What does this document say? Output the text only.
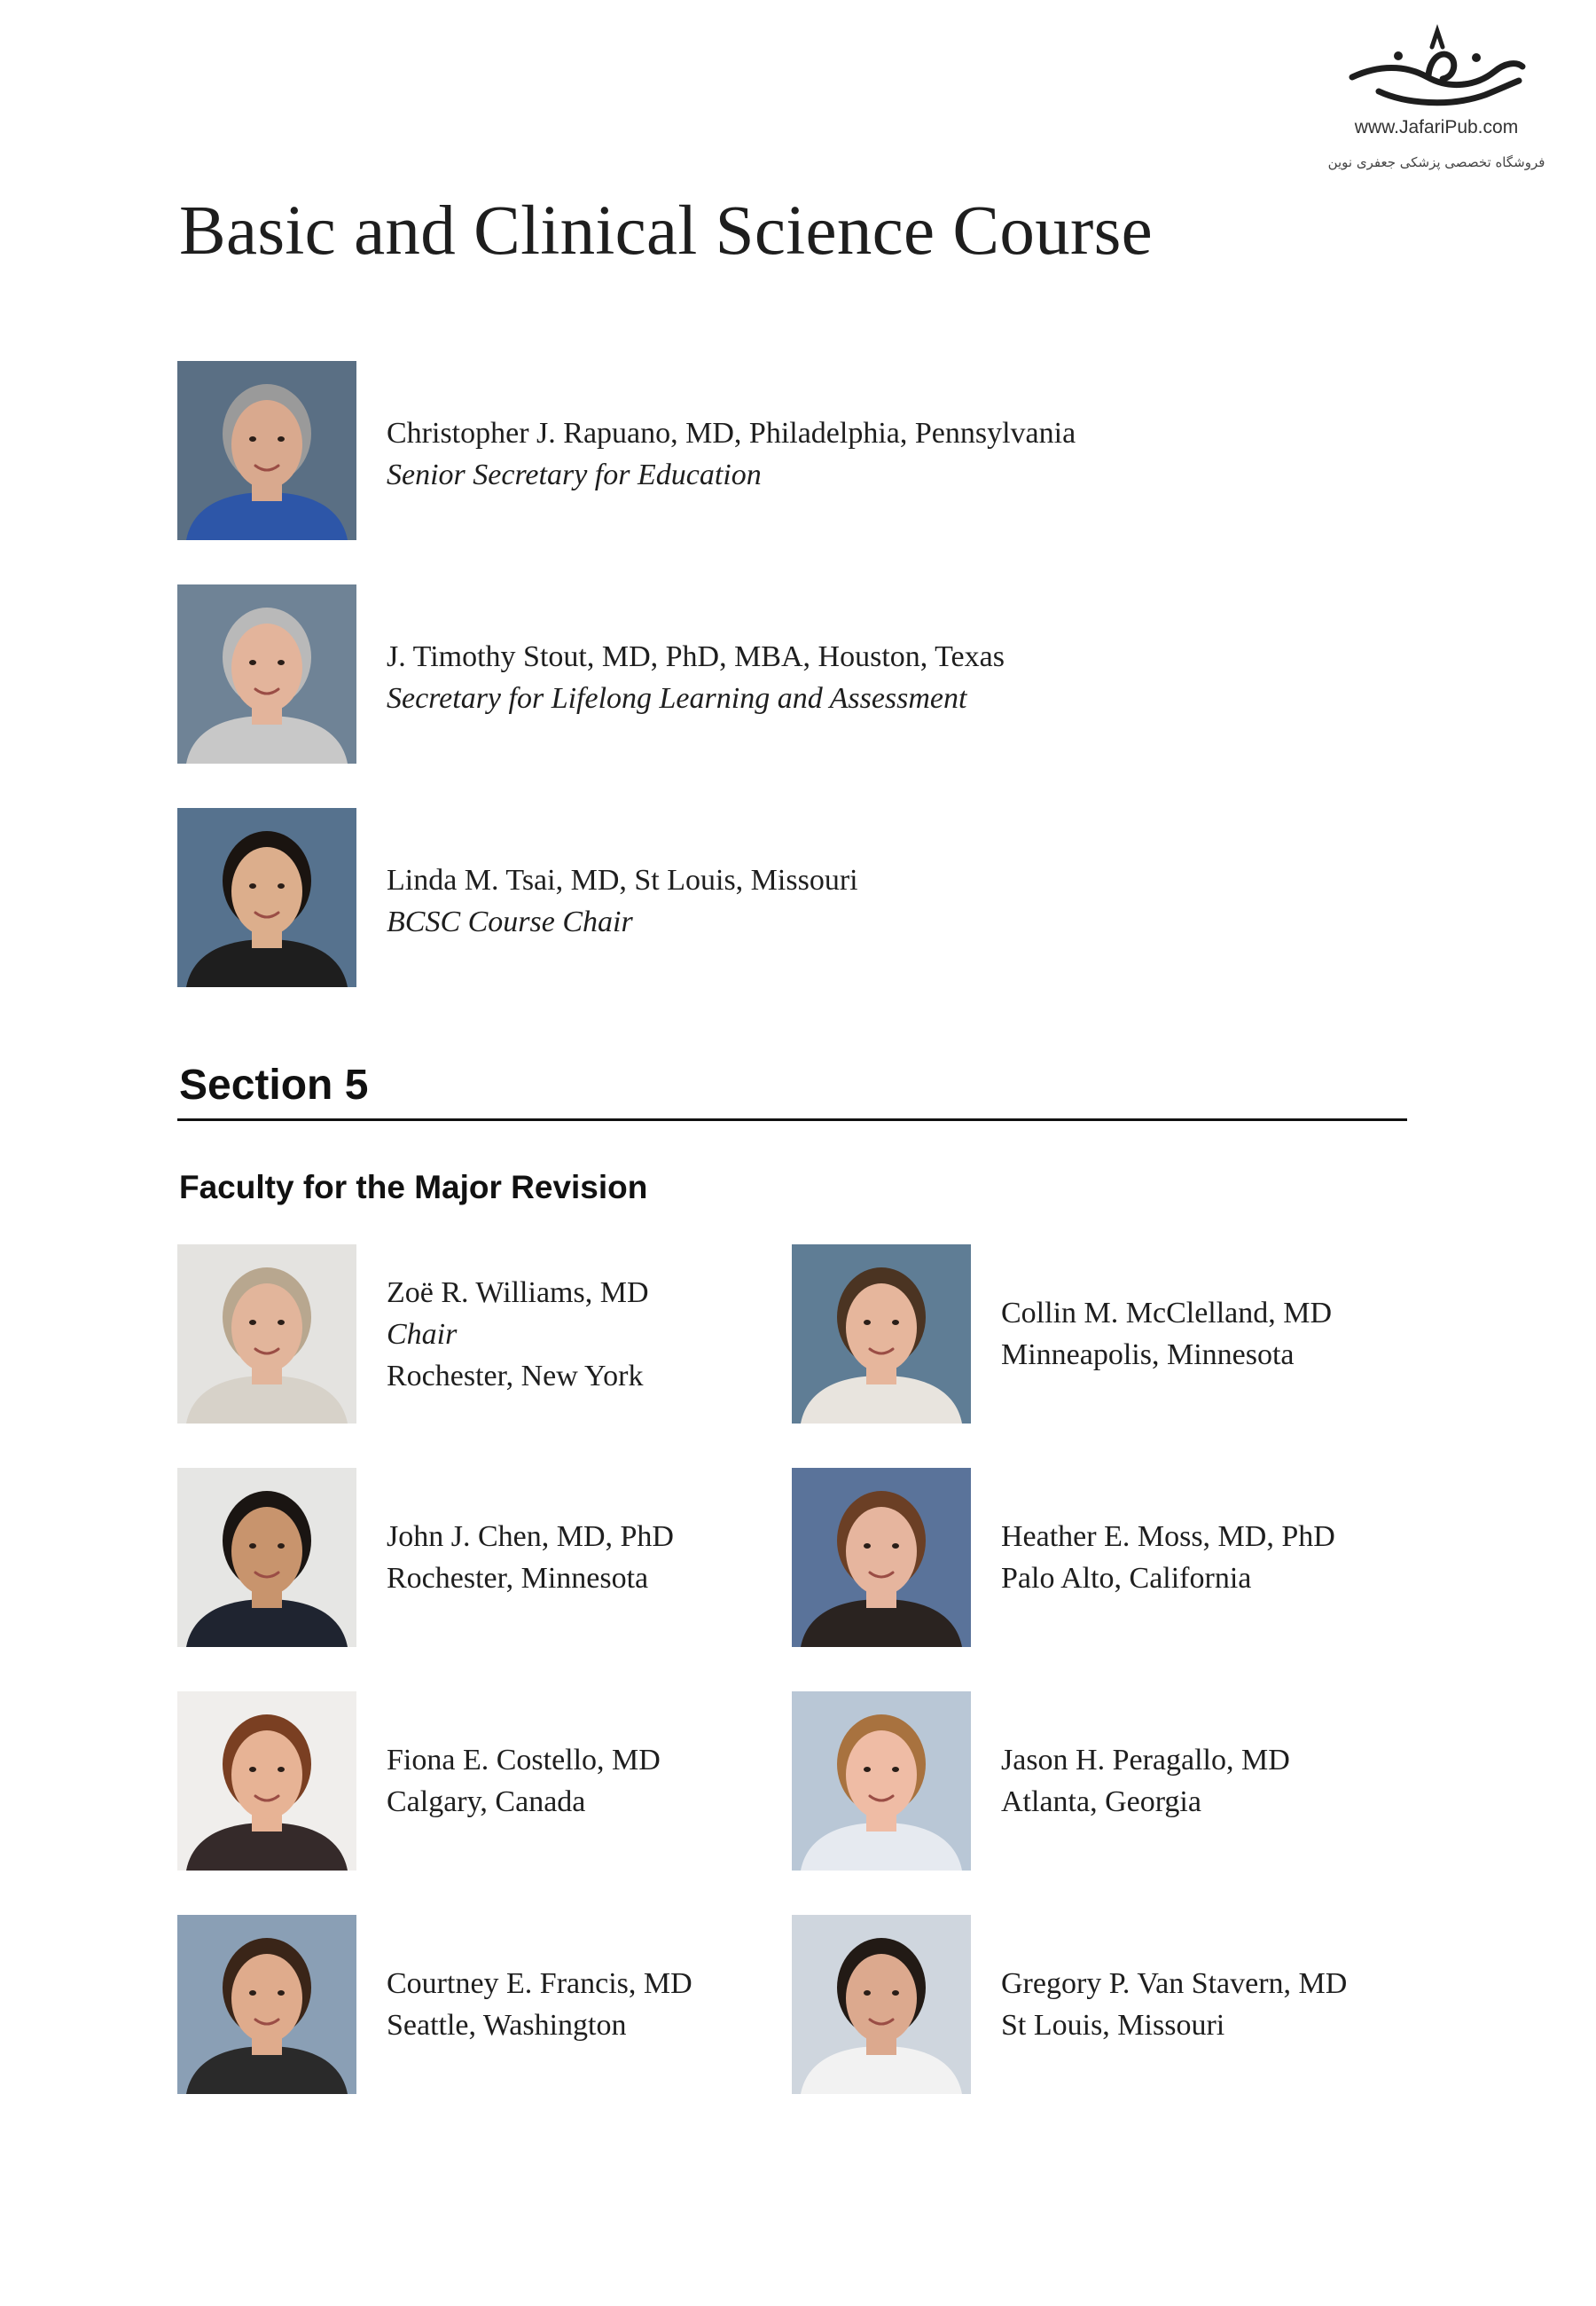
www.JafariPub.com
فروشگاه تخصصی پزشکی جعفری نوین
Basic and Clinical Science Course
Christopher J. Rapuano, MD, Philadelphia, Pennsylvania
Senior Secretary for Education
J. Timothy Stout, MD, PhD, MBA, Houston, Texas
Secretary for Lifelong Learning and Assessment
Linda M. Tsai, MD, St Louis, Missouri
BCSC Course Chair
Section 5
Faculty for the Major Revision
Zoë R. Williams, MD
Chair
Rochester, New York
Collin M. McClelland, MD
Minneapolis, Minnesota
John J. Chen, MD, PhD
Rochester, Minnesota
Heather E. Moss, MD, PhD
Palo Alto, California
Fiona E. Costello, MD
Calgary, Canada
Jason H. Peragallo, MD
Atlanta, Georgia
Courtney E. Francis, MD
Seattle, Washington
Gregory P. Van Stavern, MD
St Louis, Missouri
